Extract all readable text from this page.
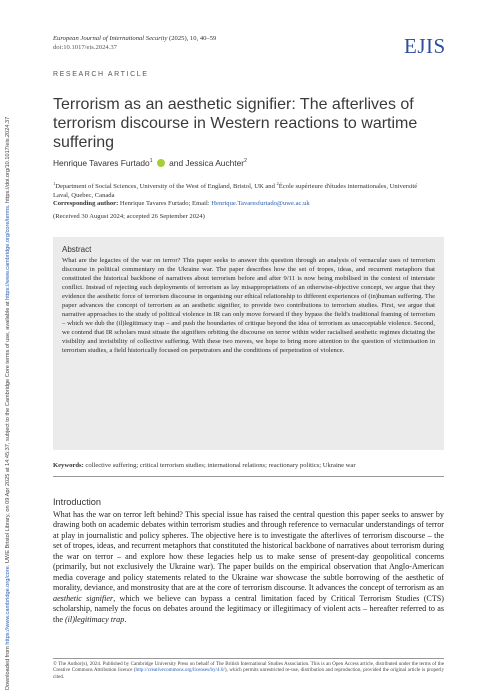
Downloaded from https://www.cambridge.org/core. UWE Bristol Library, on 09 Apr 2025 at 14:45:37, subject to the Cambridge Core terms of use, available at https://www.cambridge.org/core/terms. https://doi.org/10.1017/eis.2024.37
European Journal of International Security (2025), 10, 40–59
doi:10.1017/eis.2024.37	EJIS
RESEARCH ARTICLE
Terrorism as an aesthetic signifier: The afterlives of terrorism discourse in Western reactions to wartime suffering
Henrique Tavares Furtado$^1$  and Jessica Auchter$^2$
$^1$Department of Social Sciences, University of the West of England, Bristol, UK and $^2$École supérieure d'études internationales, Université Laval, Quebec, Canada
Corresponding author: Henrique Tavares Furtado; Email: Henrique.Tavaresfurtado@uwe.ac.uk
(Received 30 August 2024; accepted 26 September 2024)
Abstract

What are the legacies of the war on terror? This paper seeks to answer this question through an analysis of vernacular uses of terrorism discourse in political commentary on the Ukraine war. The paper describes how the set of tropes, ideas, and recurrent metaphors that constituted the historical backbone of narratives about terrorism before and after 9/11 is now being mobilised in the context of interstate conflict. Instead of rejecting such deployments of terrorism as lay misappropriations of an otherwise-objective concept, we argue that they evidence the aesthetic force of terrorism discourse in organising our ethical relationship to different experiences of (in)human suffering. The paper advances the concept of terrorism as an aesthetic signifier, to provide two contributions to terrorism studies. First, we argue that narrative approaches to the study of political violence in IR can only move forward if they bypass the field's traditional framing of terrorism – which we dub the (il)legitimacy trap – and push the boundaries of critique beyond the idea of terrorism as unacceptable violence. Second, we contend that IR scholars must situate the signifiers orbiting the discourse on terror within wider racialised aesthetic regimes dictating the visibility and invisibility of collective suffering. With these two moves, we hope to bring more attention to the question of victimisation in terrorism studies, a field historically focused on perpetrators and the conditions of perpetration of violence.

Keywords: collective suffering; critical terrorism studies; international relations; reactionary politics; Ukraine war
Introduction

What has the war on terror left behind? This special issue has raised the central question this paper seeks to answer by drawing both on academic debates within terrorism studies and through reference to vernacular understandings of terror at play in journalistic and policy spheres. The objective here is to investigate the afterlives of terrorism discourse – the set of tropes, ideas, and recurrent metaphors that constituted the historical backbone of narratives about terrorism during the war on terror – and explore how these legacies help us to make sense of present-day geopolitical concerns (primarily, but not exclusively the Ukraine war). The paper builds on the empirical observation that Anglo-American media coverage and policy statements related to the Ukraine war showcase the subtle borrowing of the aesthetic of morality, deviance, and monstrosity that are at the core of terrorism discourse. It advances the concept of terrorism as an aesthetic signifier, which we believe can bypass a central limitation faced by Critical Terrorism Studies (CTS) scholarship, namely the focus on debates around the legitimacy or illegitimacy of violent acts – hereafter referred to as the (il)legitimacy trap.

© The Author(s), 2024. Published by Cambridge University Press on behalf of The British International Studies Association. This is an Open Access article, distributed under the terms of the Creative Commons Attribution licence (http://creativecommons.org/licenses/by/4.0/), which permits unrestricted re-use, distribution and reproduction, provided the original article is properly cited.
